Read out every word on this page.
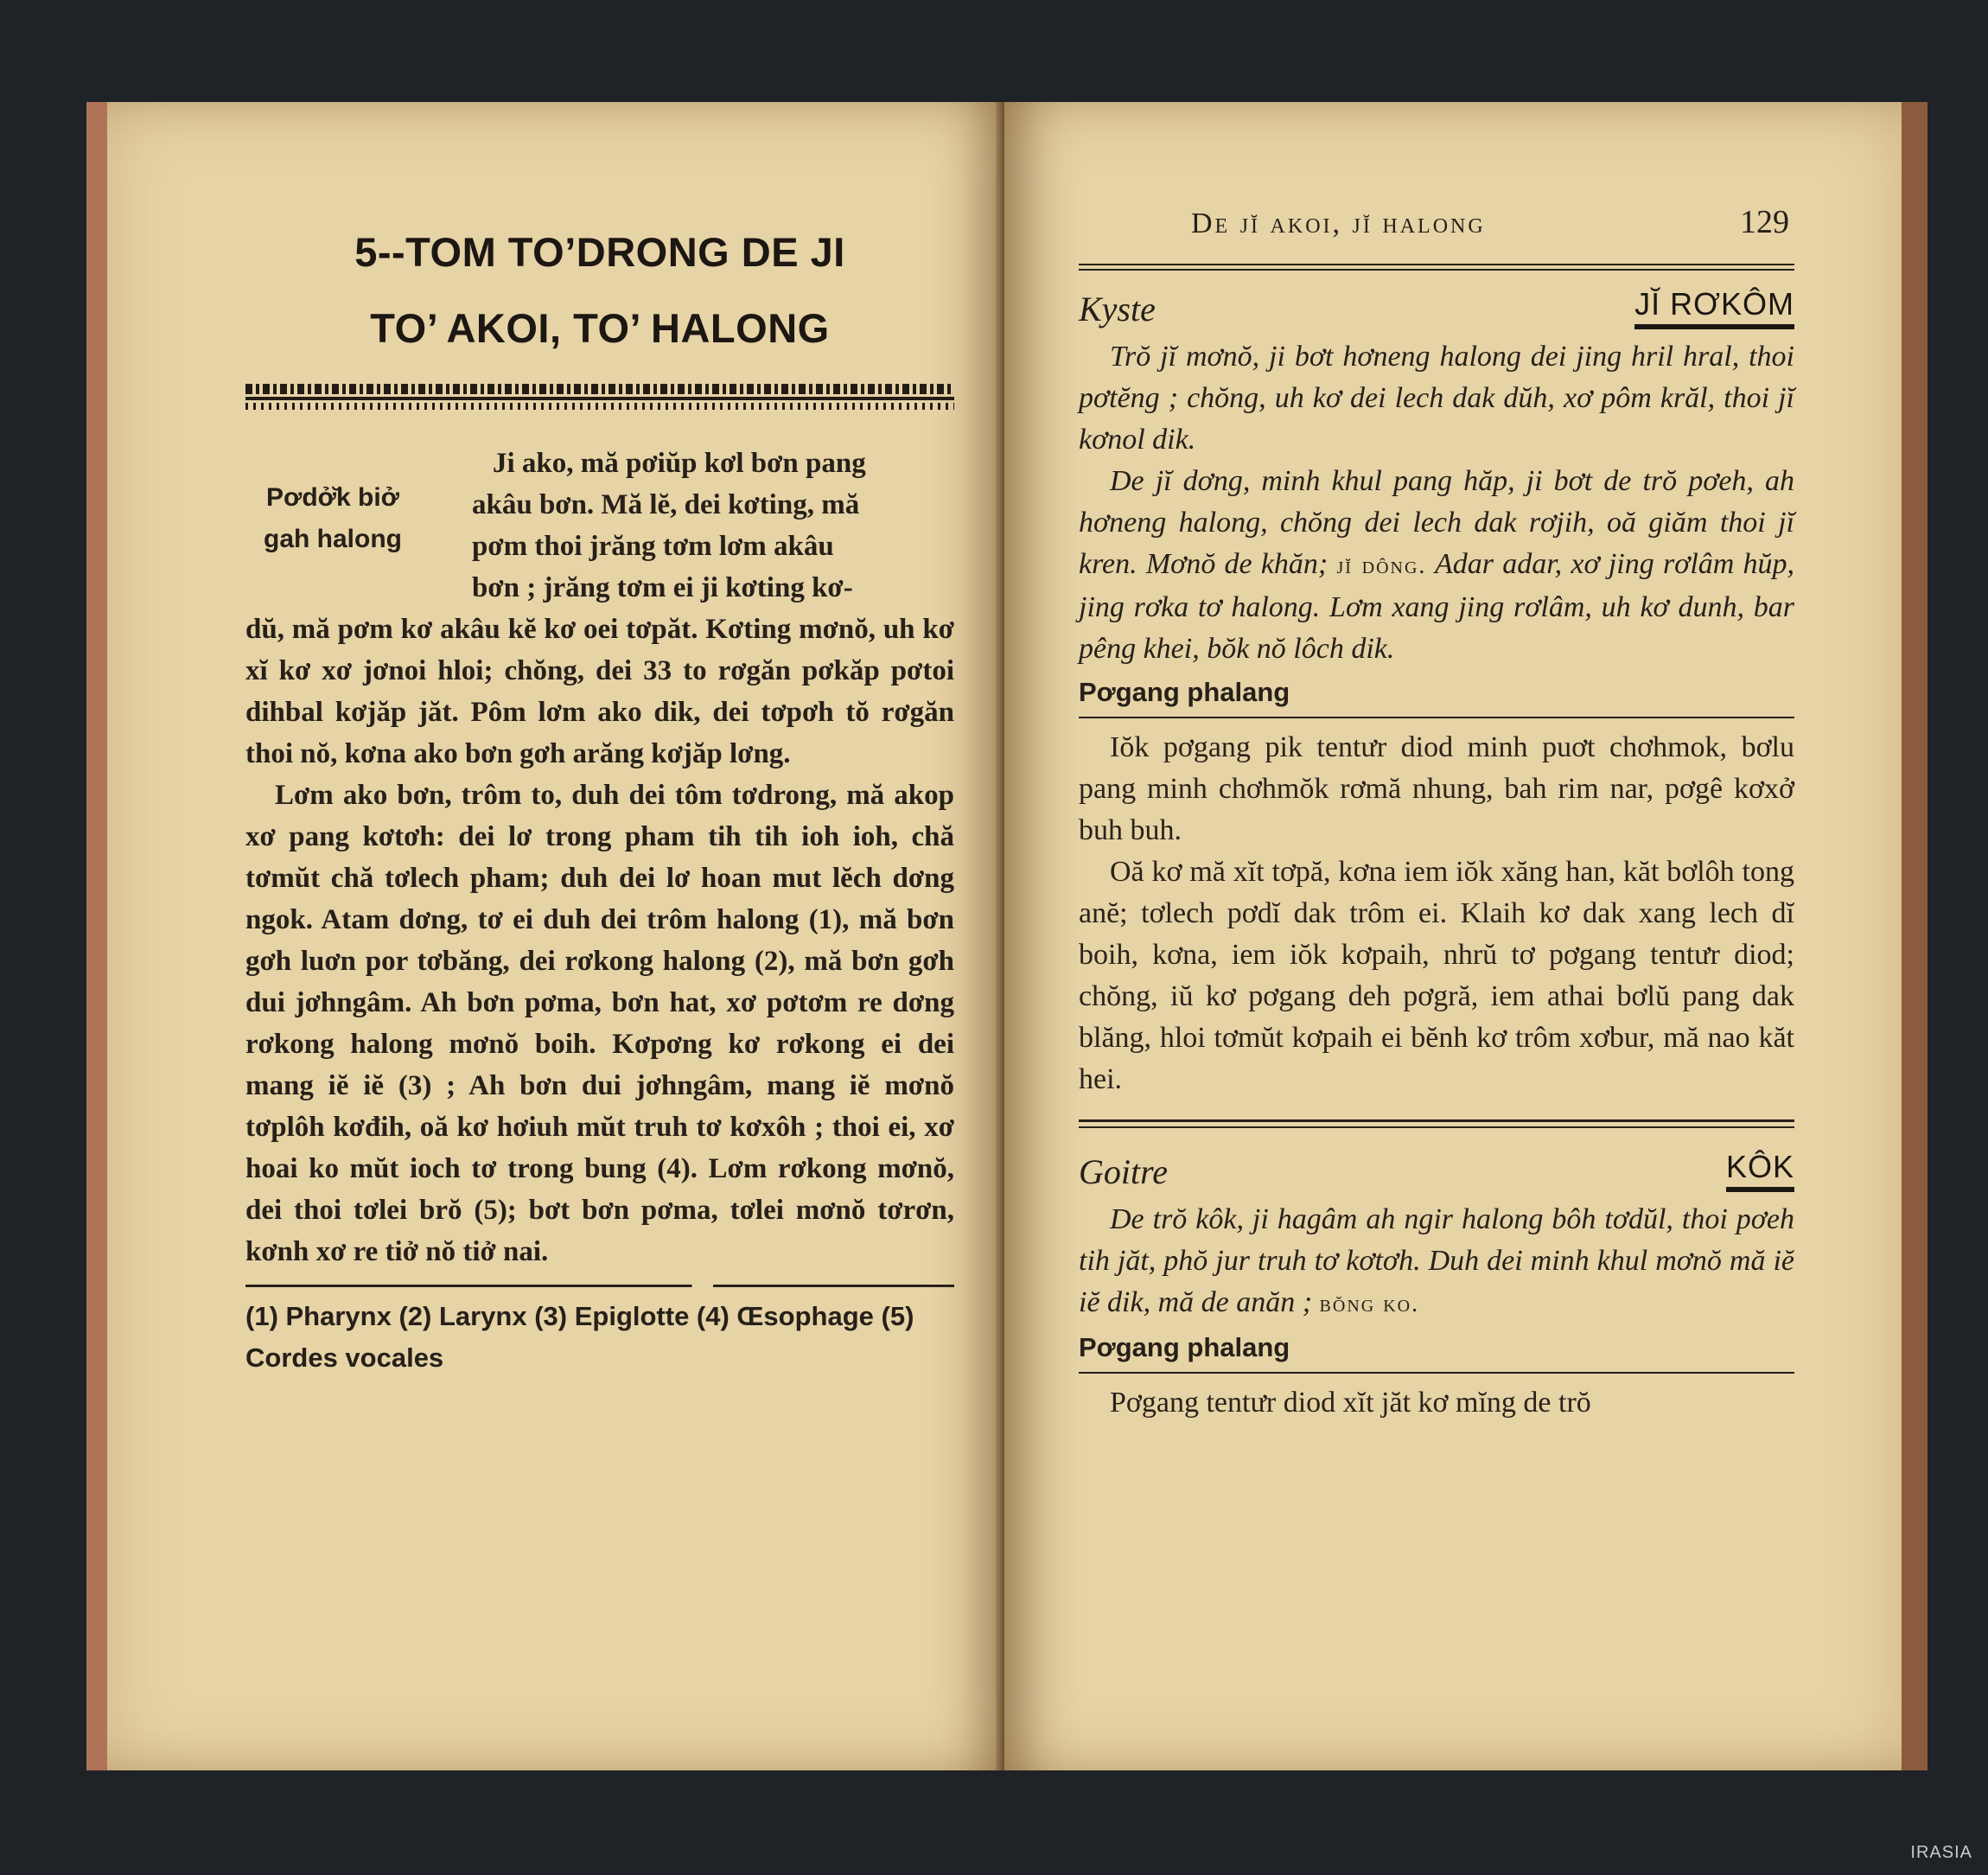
5--TOM TO’DRONG DE JI
TO’ AKOI, TO’ HALONG
Pơdở̆k biở
gah halong
Ji ako, mă pơiŭp kơl bơn pang
akâu bơn. Mă lĕ, dei kơting, mă
pơm thoi jrăng tơm lơm akâu
bơn ; jrăng tơm ei ji kơting kơ-
dŭ, mă pơm kơ akâu kĕ kơ oei tơpăt. Kơting mơnŏ, uh kơ xĭ kơ xơ jơnoi hloi; chŏng, dei 33 to rơgăn pơkăp pơtoi dihbal kơjăp jăt. Pôm lơm ako dik, dei tơpơh tŏ rơgăn thoi nŏ, kơna ako bơn gơh arăng kơjăp lơng.
Lơm ako bơn, trôm to, duh dei tôm tơdrong, mă akop xơ pang kơtơh: dei lơ trong pham tih tih ioh ioh, chă tơmŭt chă tơlech pham; duh dei lơ hoan mut lĕch dơng ngok. Atam dơng, tơ ei duh dei trôm halong (1), mă bơn gơh luơn por tơbăng, dei rơkong halong (2), mă bơn gơh dui jơhngâm. Ah bơn pơma, bơn hat, xơ pơtơm re dơng rơkong halong mơnŏ boih. Kơpơng kơ rơkong ei dei mang iĕ iĕ (3) ; Ah bơn dui jơhngâm, mang iĕ mơnŏ tơplôh kơđih, oă kơ hơiuh mŭt truh tơ kơxôh ; thoi ei, xơ hoai ko mŭt ioch tơ trong bung (4). Lơm rơkong mơnŏ, dei thoi tơlei brŏ (5); bơt bơn pơma, tơlei mơnŏ tơrơn, kơnh xơ re tiở nŏ tiở nai.
(1) Pharynx (2) Larynx (3) Epiglotte (4) Œsophage (5) Cordes vocales
De jĭ akoi, jĭ halong	129
Kyste	JĬ RƠKÔM

Trŏ jĭ mơnŏ, ji bơt hơneng halong dei jing hril hral, thoi pơtĕng ; chŏng, uh kơ dei lech dak dŭh, xơ pôm krăl, thoi jĭ kơnol dik.

De jĭ dơng, minh khul pang hăp, ji bơt de trŏ pơeh, ah hơneng halong, chŏng dei lech dak rơjih, oă giăm thoi jĭ kren. Mơnŏ de khăn; jĭ dông. Adar adar, xơ jing rơlâm hŭp, jing rơka tơ halong. Lơm xang jing rơlâm, uh kơ dunh, bar pêng khei, bŏk nŏ lôch dik.

Pơgang phalang

Iŏk pơgang pik tentưr diod minh puơt chơhmok, bơlu pang minh chơhmŏk rơmă nhung, bah rim nar, pơgê kơxở buh buh.

Oă kơ mă xĭt tơpă, kơna iem iŏk xăng han, kăt bơlôh tong anĕ; tơlech pơdĭ dak trôm ei. Klaih kơ dak xang lech dĭ boih, kơna, iem iŏk kơpaih, nhrŭ tơ pơgang tentưr diod; chŏng, iŭ kơ pơgang deh pơgră, iem athai bơlŭ pang dak blăng, hloi tơmŭt kơpaih ei bĕnh kơ trôm xơbur, mă nao kăt hei.

Goitre	KÔK

De trŏ kôk, ji hagâm ah ngir halong bôh tơdŭl, thoi pơeh tih jăt, phŏ jur truh tơ kơtơh. Duh dei minh khul mơnŏ mă iĕ iĕ dik, mă de anăn ; bŏng ko.

Pơgang phalang

Pơgang tentưr diod xĭt jăt kơ mĭng de trŏ

IRASIA
